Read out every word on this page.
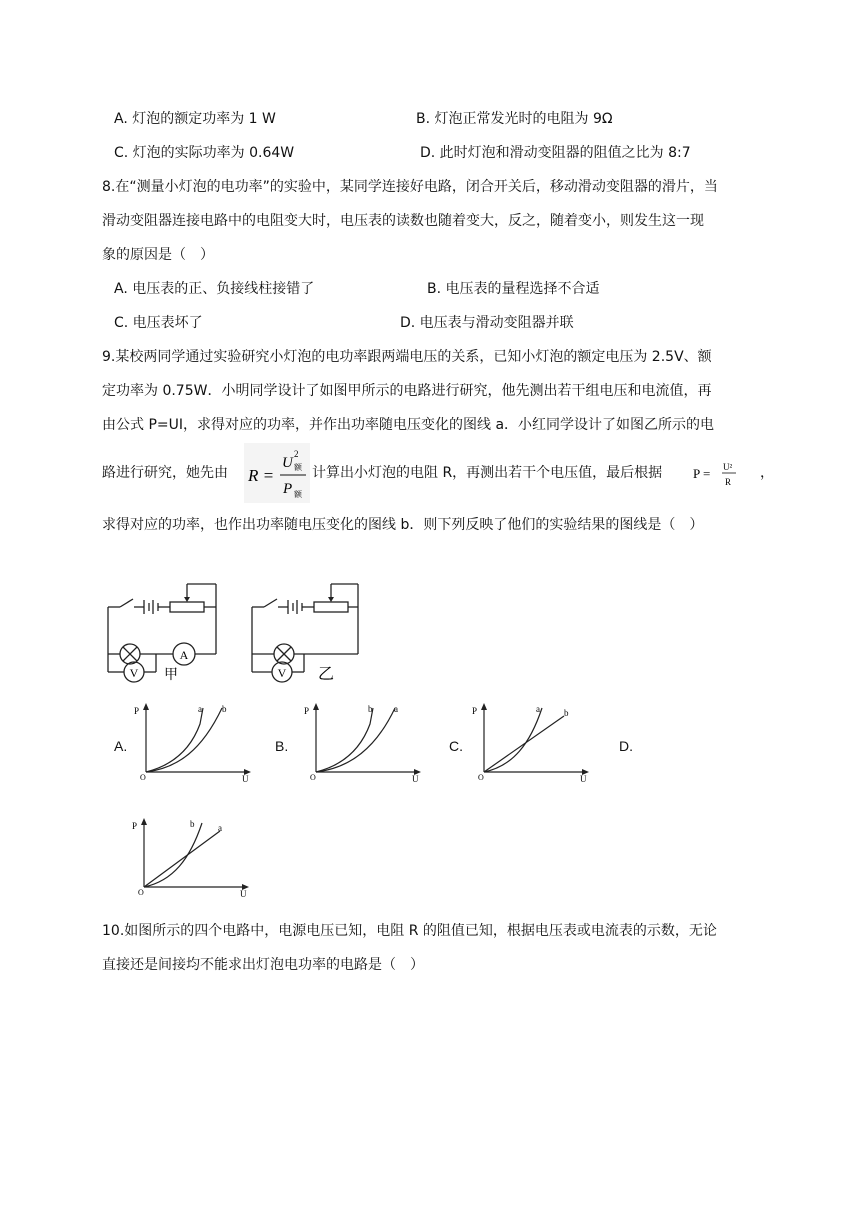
A. 灯泡的额定功率为 1 W	B. 灯泡正常发光时的电阻为 9Ω
C. 灯泡的实际功率为 0.64W	D. 此时灯泡和滑动变阻器的阻值之比为 8:7
8.在“测量小灯泡的电功率”的实验中，某同学连接好电路，闭合开关后，移动滑动变阻器的滑片，当
滑动变阻器连接电路中的电阻变大时，电压表的读数也随着变大，反之，随着变小，则发生这一现
象的原因是（　）
A. 电压表的正、负接线柱接错了	B. 电压表的量程选择不合适
C. 电压表坏了	D. 电压表与滑动变阻器并联
9.某校两同学通过实验研究小灯泡的电功率跟两端电压的关系，已知小灯泡的额定电压为 2.5V、额
定功率为 0.75W．小明同学设计了如图甲所示的电路进行研究，他先测出若干组电压和电流值，再
由公式 P=UI，求得对应的功率，并作出功率随电压变化的图线 a．小红同学设计了如图乙所示的电
路进行研究，她先由 R =
U
2
额
P 额
计算出小灯泡的电阻 R，再测出若干个电压值，最后根据 P = U²
R
，
求得对应的功率，也作出功率随电压变化的图线 b．则下列反映了他们的实验结果的图线是（　）
A
V	V
甲	乙
A.	B.	C.	D.
P
U
O
a b	P
U
O
b a	P
U
O
a	b
P
U
O
b	a
10.如图所示的四个电路中，电源电压已知，电阻 R 的阻值已知，根据电压表或电流表的示数，无论
直接还是间接均不能求出灯泡电功率的电路是（　）
